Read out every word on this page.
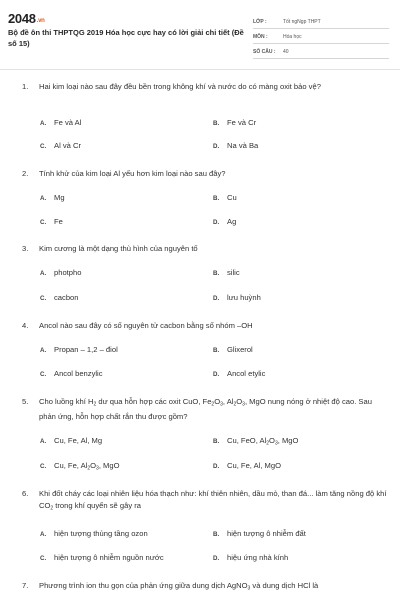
2048.vn
Bộ đề ôn thi THPTQG 2019 Hóa học cực hay có lời giải chi tiết (Đề số 15)
LỚP :	Tốt ngNgp THPT
MÔN :	Hóa học
SỐ CÂU : 40
1.	Hai kim loại nào sau đây đều bền trong không khí và nước do có màng oxit bảo vệ?
A. Fe và Al	B. Fe và Cr
C. Al và Cr	D. Na và Ba
2.	Tính khử của kim loại Al yếu hơn kim loại nào sau đây?
A. Mg	B. Cu
C. Fe	D. Ag
3.	Kim cương là một dạng thù hình của nguyên tố
A. photpho	B. silic
C. cacbon	D. lưu huỳnh
4.	Ancol nào sau đây có số nguyên tử cacbon bằng số nhóm –OH
A. Propan – 1,2 – điol	B. Glixerol
C. Ancol benzylic	D. Ancol etylic
5.	Cho luồng khí $H_2$ dư qua hỗn hợp các oxit CuO, $Fe_2O_3$, $Al_2O_3$, MgO nung nóng ở nhiệt độ cao. Sau phản ứng, hỗn hợp chất rắn thu được gồm?
A. Cu, Fe, Al, Mg	B. Cu, FeO, $Al_2O_3$, MgO
C. Cu, Fe, $Al_2O_3$, MgO	D. Cu, Fe, Al, MgO
6.	Khi đốt cháy các loại nhiên liệu hóa thạch như: khí thiên nhiên, dầu mỏ, than đá... làm tăng nồng độ khí $CO_2$ trong khí quyển sẽ gây ra
A. hiện tượng thủng tầng ozon	B. hiện tượng ô nhiễm đất
C. hiện tượng ô nhiễm nguồn nước	D. hiệu ứng nhà kính
7.	Phương trình ion thu gọn của phản ứng giữa dung dịch AgNO$_3$ và dung dịch HCl là
